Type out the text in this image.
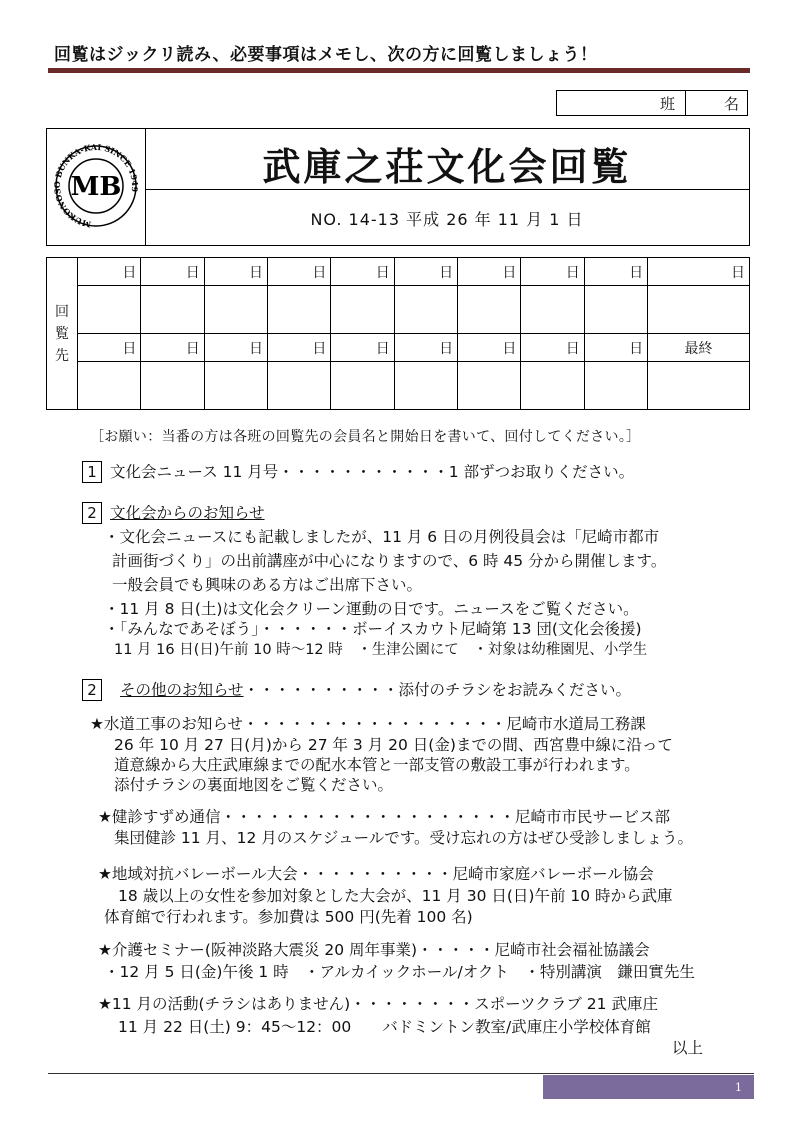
回覧はジックリ読み、必要事項はメモし、次の方に回覧しましょう！
班	名
MUKONOSO BUNKA-KAI SINCE 1949
MB	武庫之荘文化会回覧
NO. 14-13 平成 26 年 11 月 1 日
回
覧
先	日	日	日	日	日	日	日	日	日	日

	日	日	日	日	日	日	日	日	日	最終

［お願い：当番の方は各班の回覧先の会員名と開始日を書いて、回付してください。］
1 文化会ニュース 11 月号・・・・・・・・・・・1 部ずつお取りください。
2 文化会からのお知らせ
・文化会ニュースにも記載しましたが、11 月 6 日の月例役員会は「尼崎市都市
計画街づくり」の出前講座が中心になりますので、6 時 45 分から開催します。
一般会員でも興味のある方はご出席下さい。
・11 月 8 日(土)は文化会クリーン運動の日です。ニュースをご覧ください。
・「みんなであそぼう」・・・・・・ボーイスカウト尼崎第 13 団(文化会後援)
11 月 16 日(日)午前 10 時～12 時　・生津公園にて　・対象は幼稚園児、小学生
2 その他のお知らせ・・・・・・・・・・添付のチラシをお読みください。
★水道工事のお知らせ・・・・・・・・・・・・・・・・・尼崎市水道局工務課
26 年 10 月 27 日(月)から 27 年 3 月 20 日(金)までの間、西宮豊中線に沿って
道意線から大庄武庫線までの配水本管と一部支管の敷設工事が行われます。
添付チラシの裏面地図をご覧ください。
★健診すずめ通信・・・・・・・・・・・・・・・・・・・尼崎市市民サービス部
集団健診 11 月、12 月のスケジュールです。受け忘れの方はぜひ受診しましょう。
★地域対抗バレーボール大会・・・・・・・・・・尼崎市家庭バレーボール協会
18 歳以上の女性を参加対象とした大会が、11 月 30 日(日)午前 10 時から武庫
体育館で行われます。参加費は 500 円(先着 100 名)
★介護セミナー(阪神淡路大震災 20 周年事業)・・・・・尼崎市社会福祉協議会
・12 月 5 日(金)午後 1 時　・アルカイックホール/オクト　・特別講演　鎌田實先生
★11 月の活動(チラシはありません)・・・・・・・・スポーツクラブ 21 武庫庄
11 月 22 日(土) 9：45～12：00　　バドミントン教室/武庫庄小学校体育館
以上
1
